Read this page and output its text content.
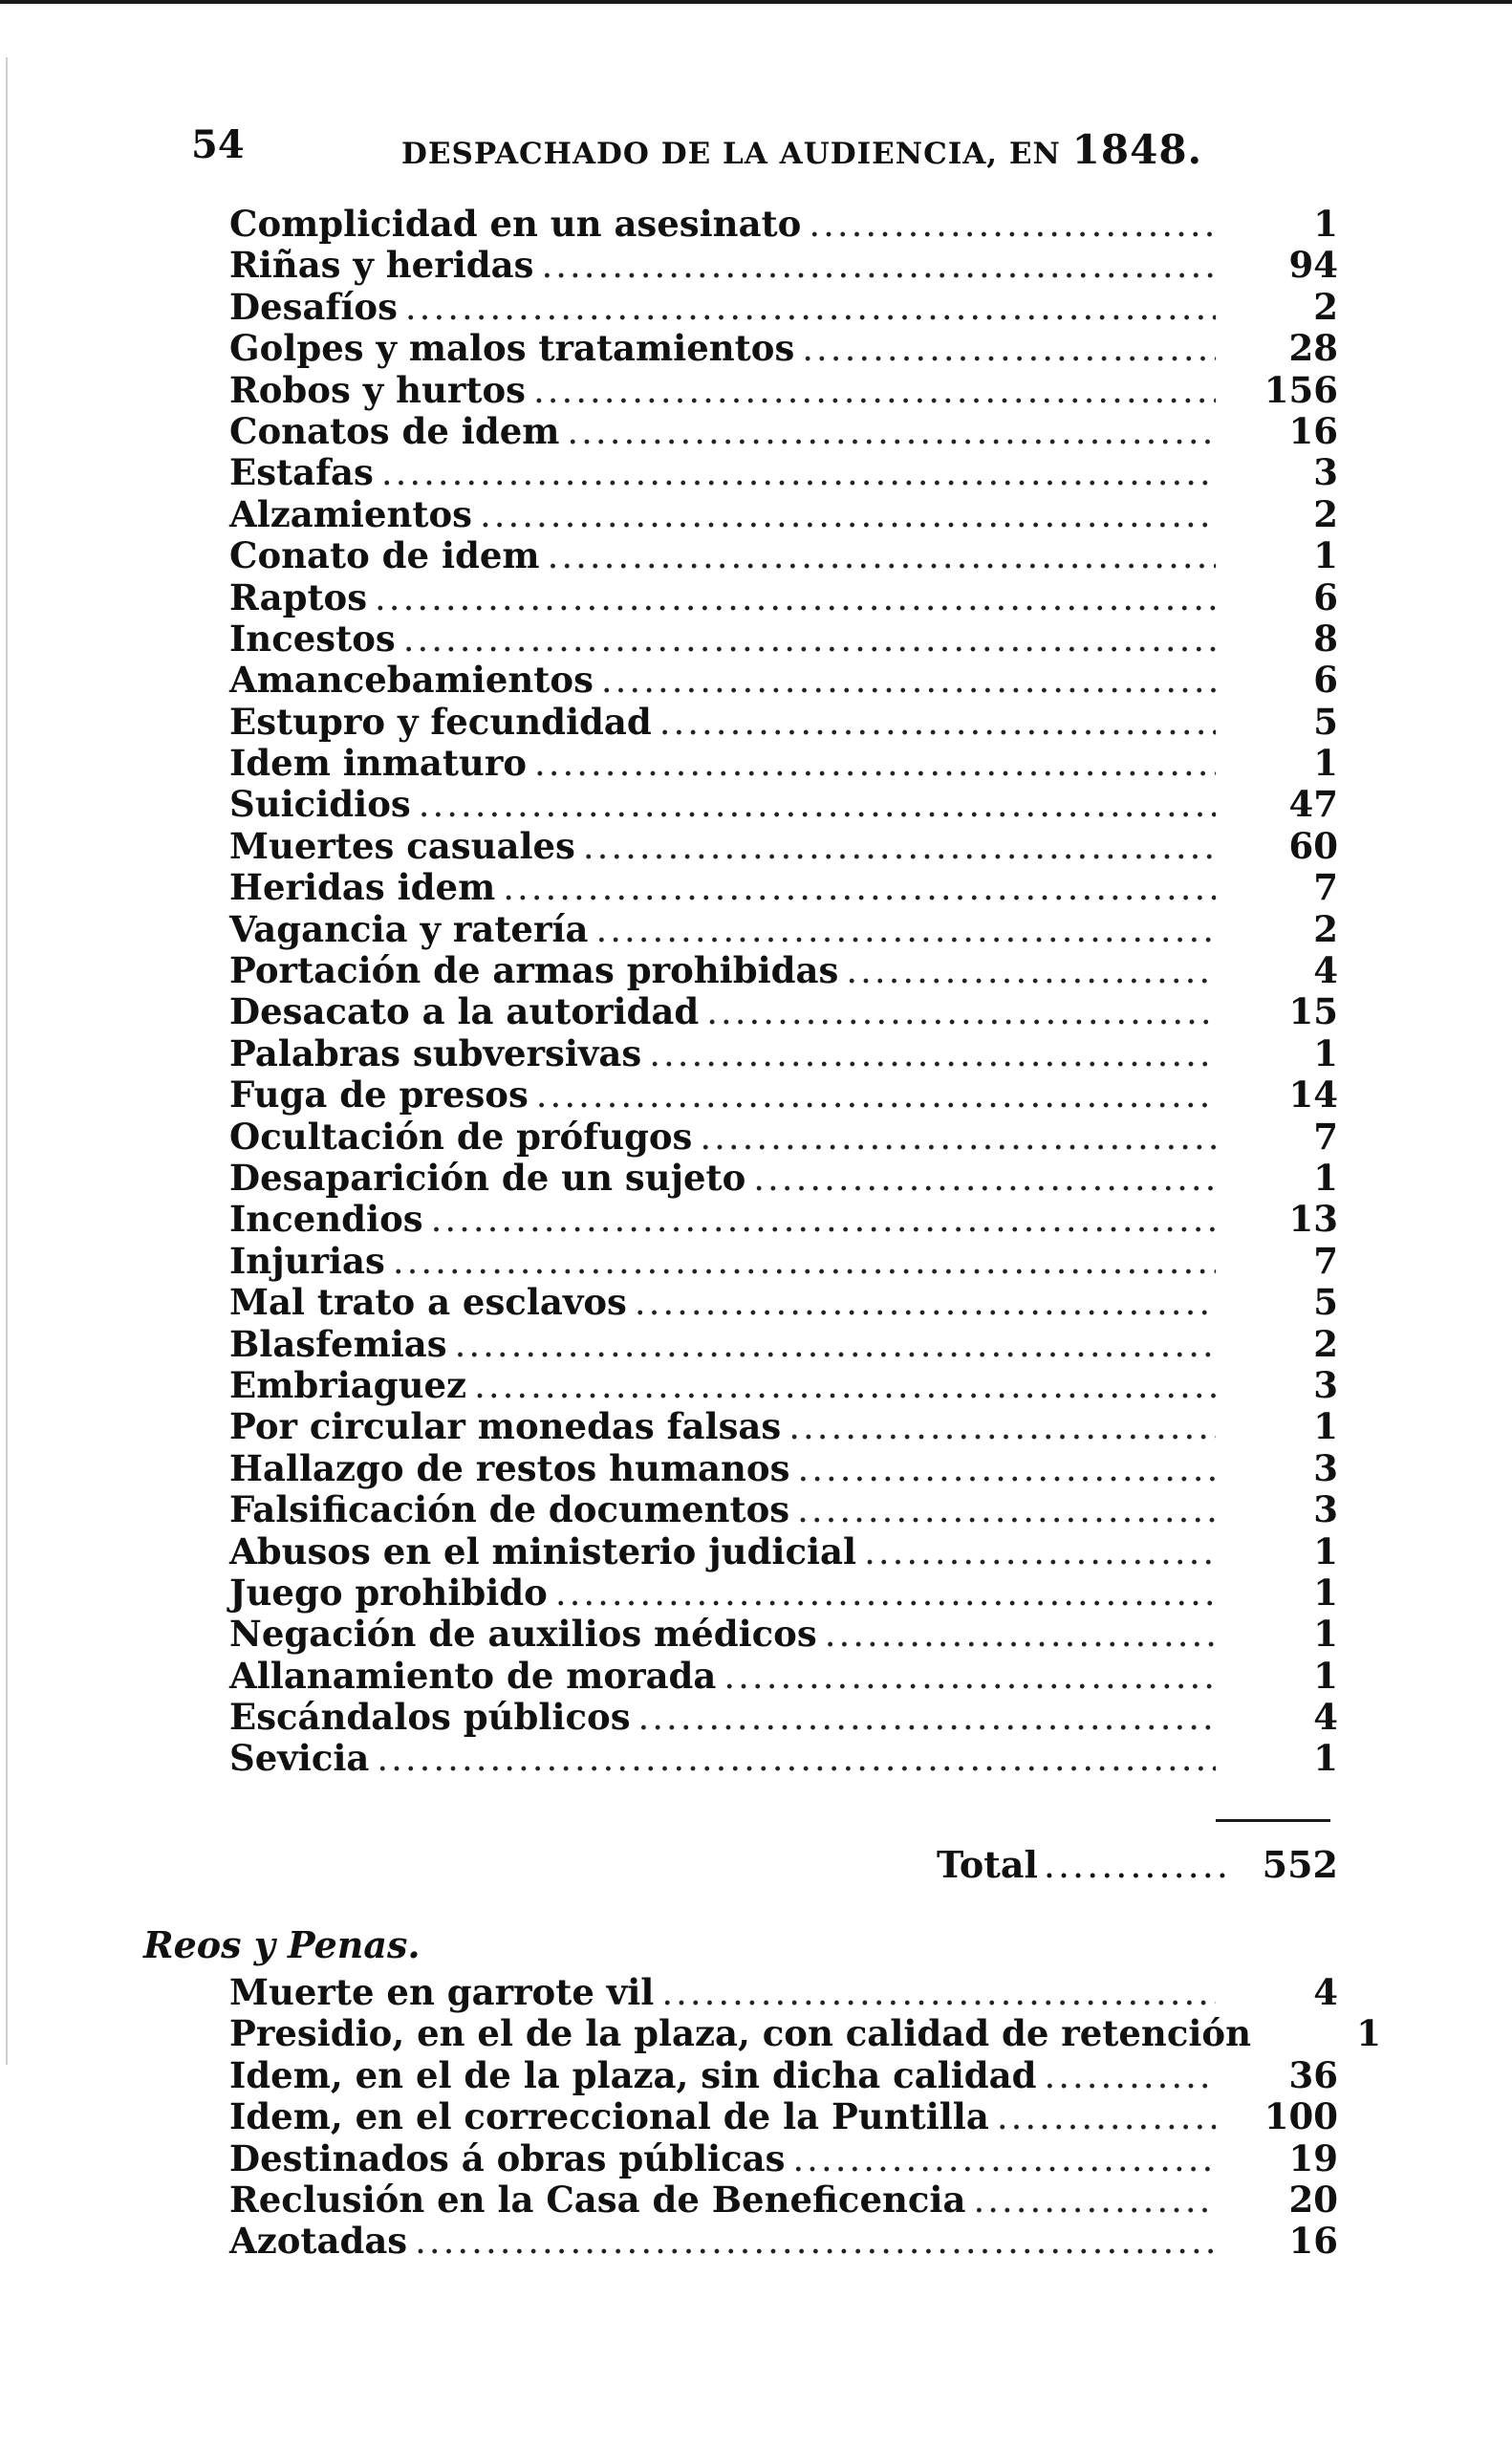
54	DESPACHADO DE LA AUDIENCIA, EN 1848.
Complicidad en un asesinato .....	1
Riñas y heridas .....	94
Desafíos .....	2
Golpes y malos tratamientos .....	28
Robos y hurtos .....	156
Conatos de idem .....	16
Estafas .....	3
Alzamientos .....	2
Conato de idem .....	1
Raptos .....	6
Incestos .....	8
Amancebamientos .....	6
Estupro y fecundidad .....	5
Idem inmaturo .....	1
Suicidios .....	47
Muertes casuales .....	60
Heridas idem .....	7
Vagancia y ratería .....	2
Portación de armas prohibidas .....	4
Desacato a la autoridad .....	15
Palabras subversivas .....	1
Fuga de presos .....	14
Ocultación de prófugos .....	7
Desaparición de un sujeto .....	1
Incendios .....	13
Injurias .....	7
Mal trato a esclavos .....	5
Blasfemias .....	2
Embriaguez .....	3
Por circular monedas falsas .....	1
Hallazgo de restos humanos .....	3
Falsificación de documentos .....	3
Abusos en el ministerio judicial .....	1
Juego prohibido .....	1
Negación de auxilios médicos .....	1
Allanamiento de morada .....	1
Escándalos públicos .....	4
Sevicia .....	1
Total .....	552
Reos y Penas.
Muerte en garrote vil .....	4
Presidio, en el de la plaza, con calidad de retención	1
Idem, en el de la plaza, sin dicha calidad .....	36
Idem, en el correccional de la Puntilla .....	100
Destinados á obras públicas .....	19
Reclusión en la Casa de Beneficencia .....	20
Azotadas .....	16
